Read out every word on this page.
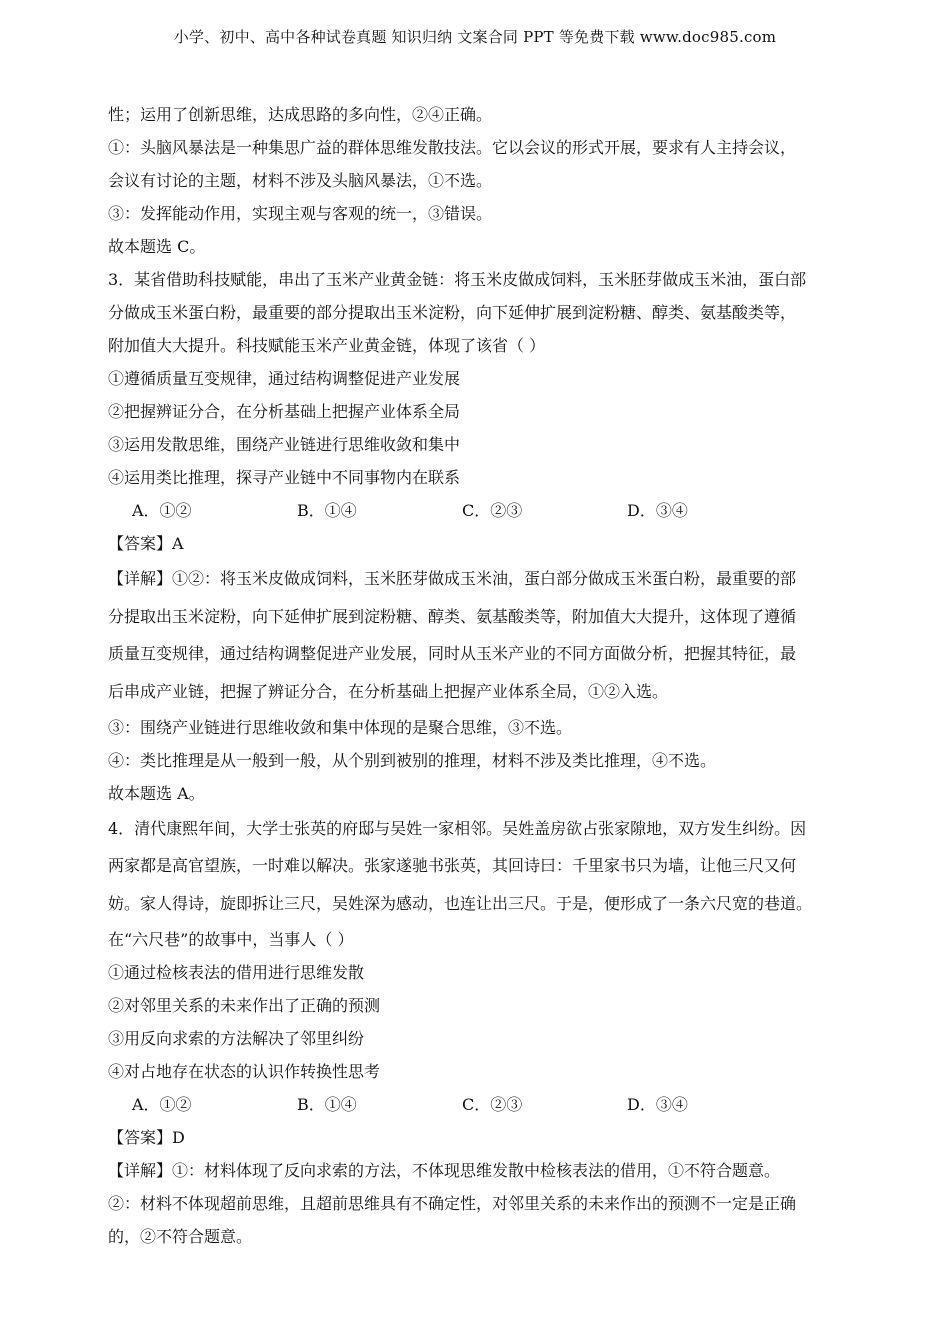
小学、初中、高中各种试卷真题 知识归纳 文案合同 PPT 等免费下载 www.doc985.com
性；运用了创新思维，达成思路的多向性，②④正确。
①：头脑风暴法是一种集思广益的群体思维发散技法。它以会议的形式开展，要求有人主持会议，
会议有讨论的主题，材料不涉及头脑风暴法，①不选。
③：发挥能动作用，实现主观与客观的统一，③错误。
故本题选 C。
3．某省借助科技赋能，串出了玉米产业黄金链：将玉米皮做成饲料，玉米胚芽做成玉米油，蛋白部
分做成玉米蛋白粉，最重要的部分提取出玉米淀粉，向下延伸扩展到淀粉糖、醇类、氨基酸类等，
附加值大大提升。科技赋能玉米产业黄金链，体现了该省（ ）
①遵循质量互变规律，通过结构调整促进产业发展
②把握辨证分合，在分析基础上把握产业体系全局
③运用发散思维，围绕产业链进行思维收敛和集中
④运用类比推理，探寻产业链中不同事物内在联系
A．①②	B．①④	C．②③	D．③④
【答案】A
【详解】①②：将玉米皮做成饲料，玉米胚芽做成玉米油，蛋白部分做成玉米蛋白粉，最重要的部
分提取出玉米淀粉，向下延伸扩展到淀粉糖、醇类、氨基酸类等，附加值大大提升，这体现了遵循
质量互变规律，通过结构调整促进产业发展，同时从玉米产业的不同方面做分析，把握其特征，最
后串成产业链，把握了辨证分合，在分析基础上把握产业体系全局，①②入选。
③：围绕产业链进行思维收敛和集中体现的是聚合思维，③不选。
④：类比推理是从一般到一般，从个别到被别的推理，材料不涉及类比推理，④不选。
故本题选 A。
4．清代康熙年间，大学士张英的府邸与吴姓一家相邻。吴姓盖房欲占张家隙地，双方发生纠纷。因
两家都是高官望族，一时难以解决。张家遂驰书张英，其回诗曰：千里家书只为墙，让他三尺又何
妨。家人得诗，旋即拆让三尺，吴姓深为感动，也连让出三尺。于是，便形成了一条六尺宽的巷道。
在“六尺巷”的故事中，当事人（ ）
①通过检核表法的借用进行思维发散
②对邻里关系的未来作出了正确的预测
③用反向求索的方法解决了邻里纠纷
④对占地存在状态的认识作转换性思考
A．①②	B．①④	C．②③	D．③④
【答案】D
【详解】①：材料体现了反向求索的方法，不体现思维发散中检核表法的借用，①不符合题意。
②：材料不体现超前思维，且超前思维具有不确定性，对邻里关系的未来作出的预测不一定是正确
的，②不符合题意。
